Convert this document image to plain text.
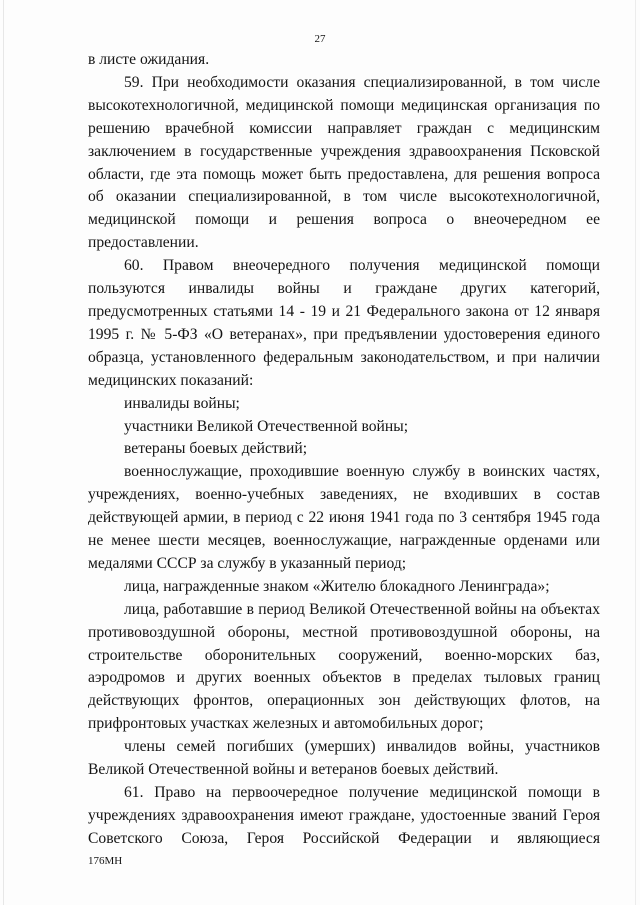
27

в листе ожидания.

59. При необходимости оказания специализированной, в том числе высокотехнологичной, медицинской помощи медицинская организация по решению врачебной комиссии направляет граждан с медицинским заключением в государственные учреждения здравоохранения Псковской области, где эта помощь может быть предоставлена, для решения вопроса об оказании специализированной, в том числе высокотехнологичной, медицинской помощи и решения вопроса о внеочередном ее предоставлении.

60. Правом внеочередного получения медицинской помощи пользуются инвалиды войны и граждане других категорий, предусмотренных статьями 14 - 19 и 21 Федерального закона от 12 января 1995 г. № 5-ФЗ «О ветеранах», при предъявлении удостоверения единого образца, установленного федеральным законодательством, и при наличии медицинских показаний:

инвалиды войны;

участники Великой Отечественной войны;

ветераны боевых действий;

военнослужащие, проходившие военную службу в воинских частях, учреждениях, военно-учебных заведениях, не входивших в состав действующей армии, в период с 22 июня 1941 года по 3 сентября 1945 года не менее шести месяцев, военнослужащие, награжденные орденами или медалями СССР за службу в указанный период;

лица, награжденные знаком «Жителю блокадного Ленинграда»;

лица, работавшие в период Великой Отечественной войны на объектах противовоздушной обороны, местной противовоздушной обороны, на строительстве оборонительных сооружений, военно-морских баз, аэродромов и других военных объектов в пределах тыловых границ действующих фронтов, операционных зон действующих флотов, на прифронтовых участках железных и автомобильных дорог;

члены семей погибших (умерших) инвалидов войны, участников Великой Отечественной войны и ветеранов боевых действий.

61. Право на первоочередное получение медицинской помощи в учреждениях здравоохранения имеют граждане, удостоенные званий Героя Советского Союза, Героя Российской Федерации и являющиеся

176МН
